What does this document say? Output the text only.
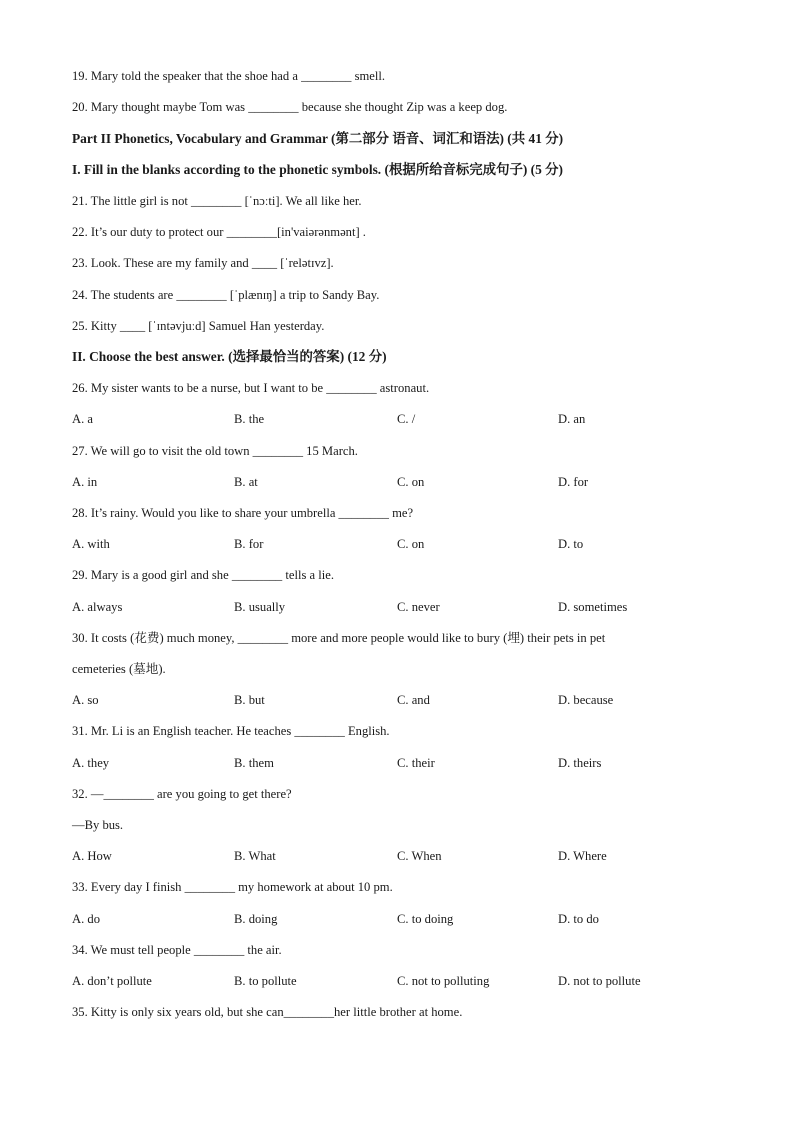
19. Mary told the speaker that the shoe had a ________ smell.
20. Mary thought maybe Tom was ________ because she thought Zip was a keep dog.
Part II Phonetics, Vocabulary and Grammar (第二部分 语音、词汇和语法) (共 41 分)
I. Fill in the blanks according to the phonetic symbols. (根据所给音标完成句子) (5 分)
21. The little girl is not ________ [ˈnɔːti]. We all like her.
22. It’s our duty to protect our ________[in'vaiərənmənt] .
23. Look. These are my family and ____ [ˈrelətɪvz].
24. The students are ________ [ˈplænɪŋ] a trip to Sandy Bay.
25. Kitty ____ [ˈɪntəvjuːd] Samuel Han yesterday.
II. Choose the best answer. (选择最恰当的答案) (12 分)
26. My sister wants to be a nurse, but I want to be ________ astronaut.
A. a	B. the	C. /	D. an
27. We will go to visit the old town ________ 15 March.
A. in	B. at	C. on	D. for
28. It’s rainy. Would you like to share your umbrella ________ me?
A. with	B. for	C. on	D. to
29. Mary is a good girl and she ________ tells a lie.
A. always	B. usually	C. never	D. sometimes
30. It costs (花费) much money, ________ more and more people would like to bury (埋) their pets in pet
cemeteries (墓地).
A. so	B. but	C. and	D. because
31. Mr. Li is an English teacher. He teaches ________ English.
A. they	B. them	C. their	D. theirs
32. —________ are you going to get there?
—By bus.
A. How	B. What	C. When	D. Where
33. Every day I finish ________ my homework at about 10 pm.
A. do	B. doing	C. to doing	D. to do
34. We must tell people ________ the air.
A. don’t pollute	B. to pollute	C. not to polluting	D. not to pollute
35. Kitty is only six years old, but she can________her little brother at home.
